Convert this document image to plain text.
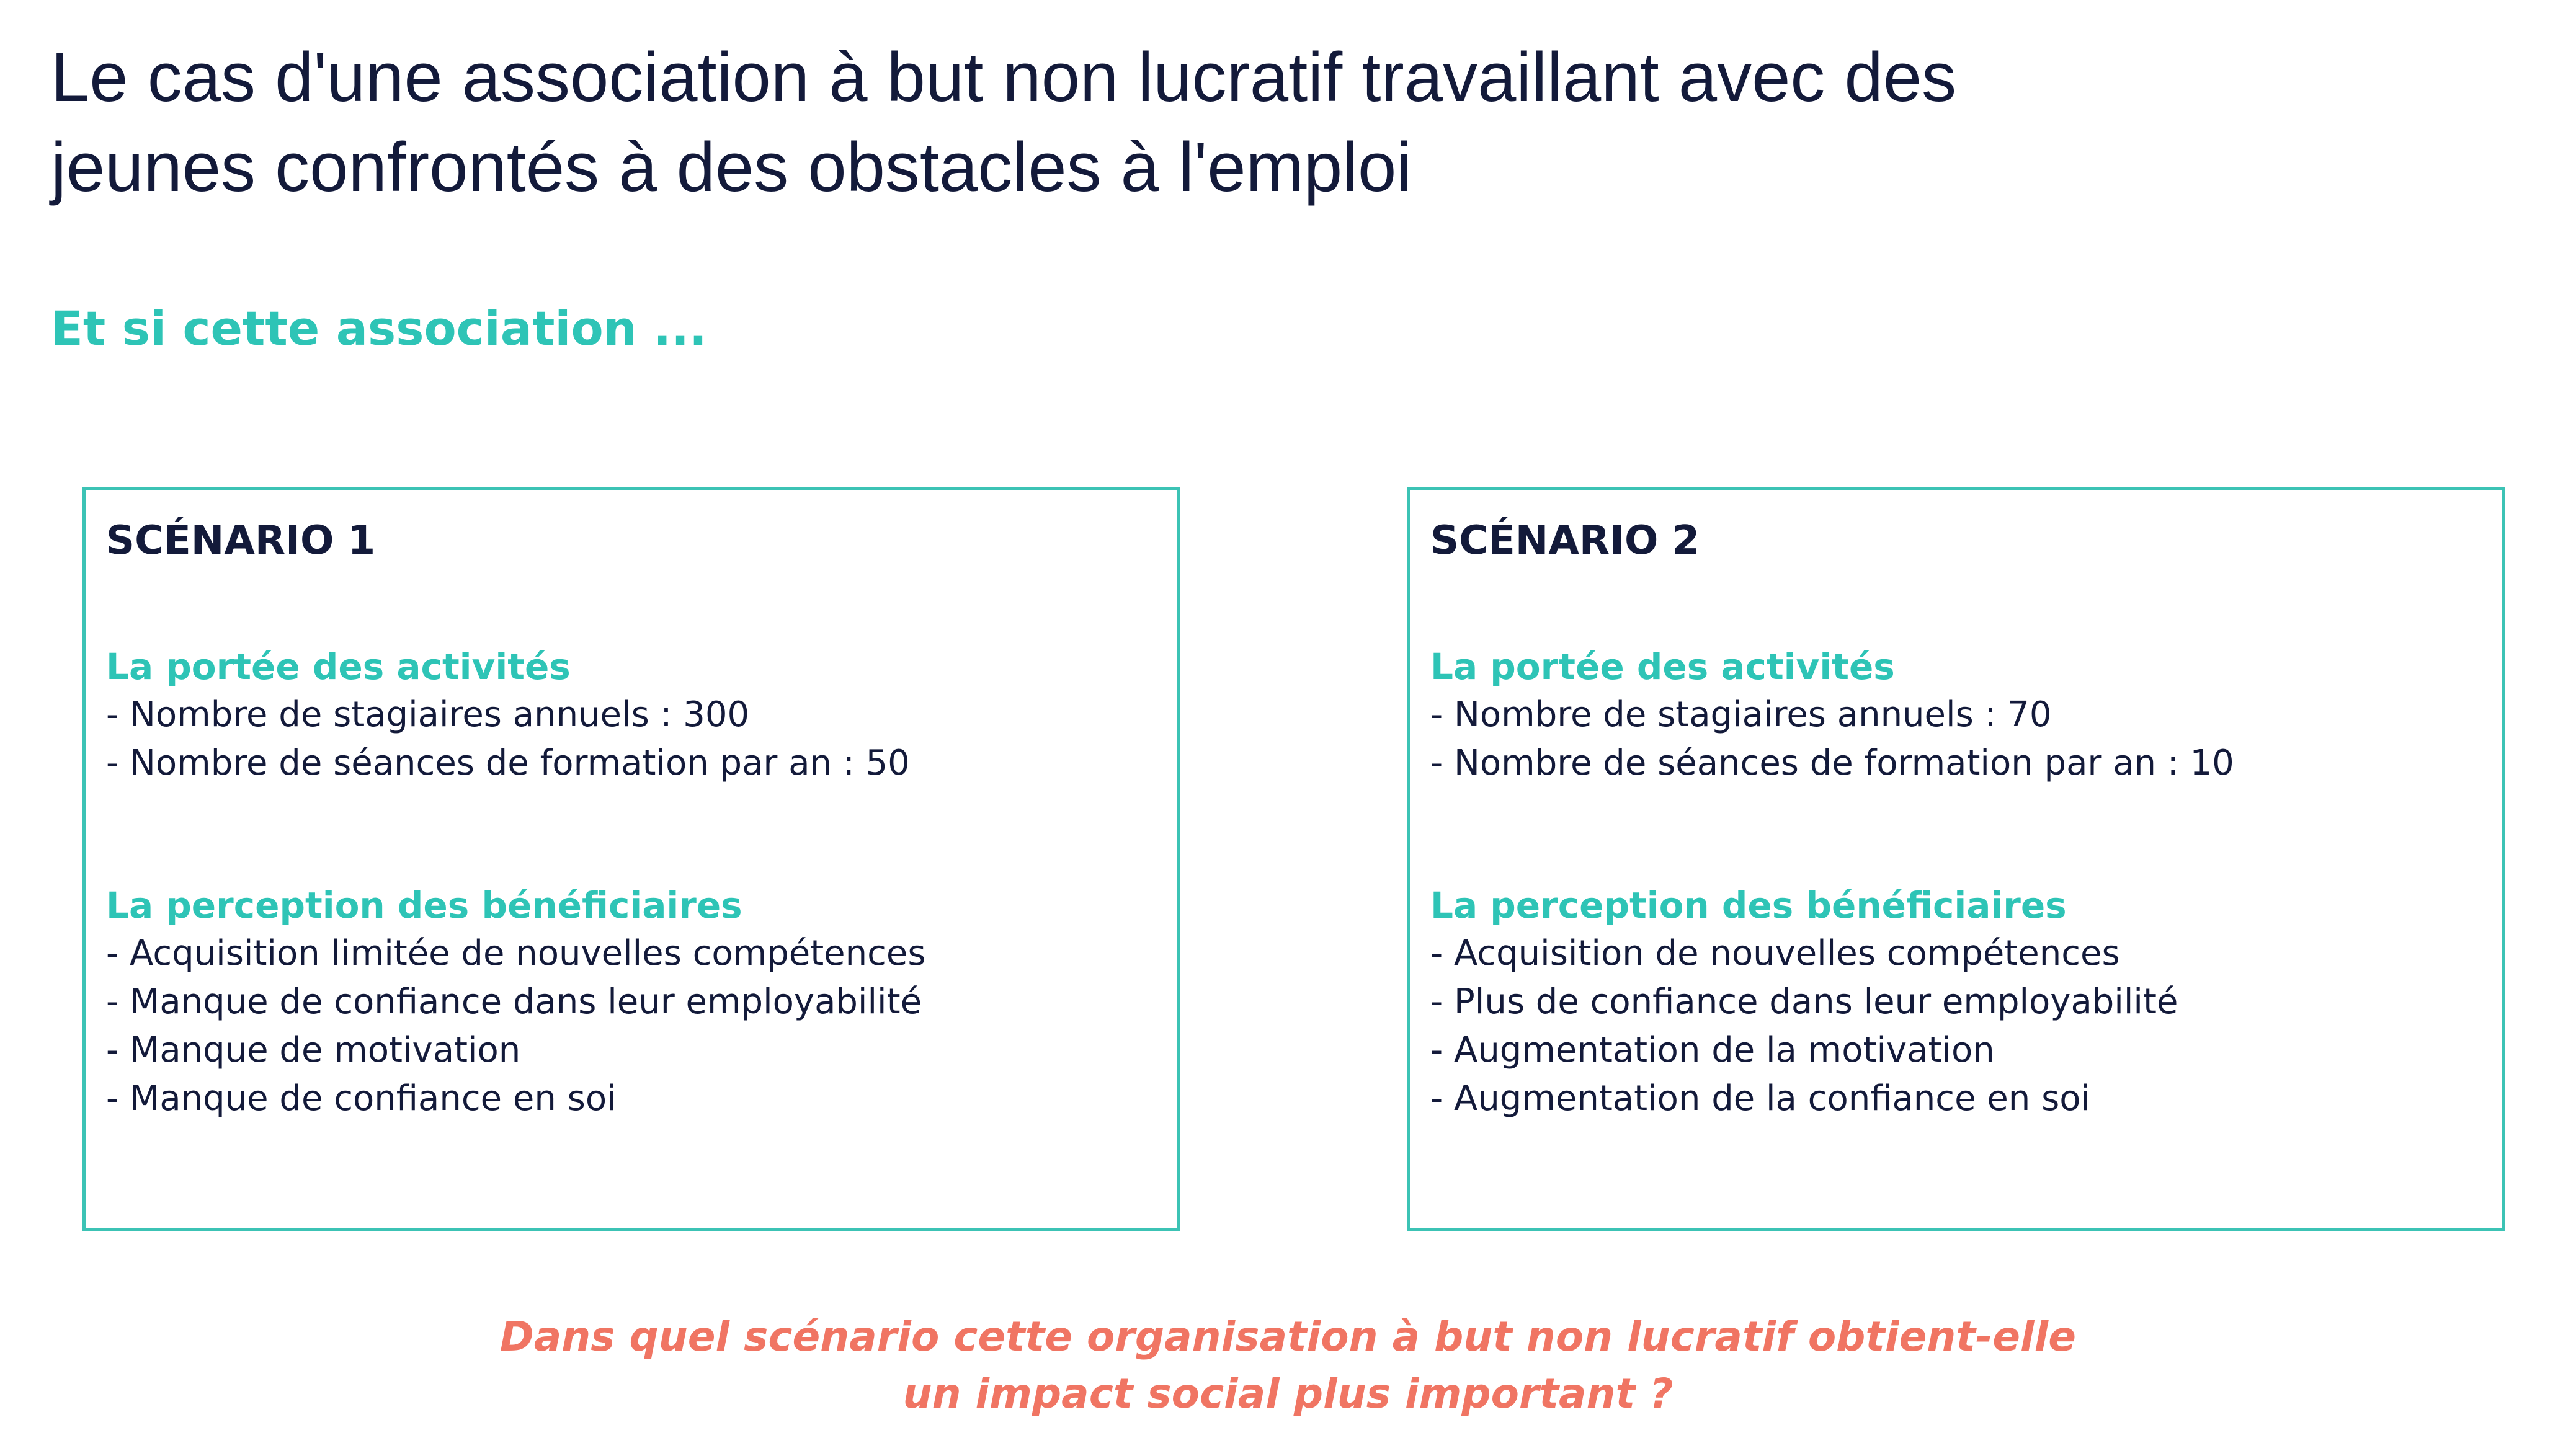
Le cas d'une association à but non lucratif travaillant avec des
jeunes confrontés à des obstacles à l'emploi

Et si cette association ...

SCÉNARIO 1
La portée des activités
- Nombre de stagiaires annuels : 300
- Nombre de séances de formation par an : 50
La perception des bénéficiaires
- Acquisition limitée de nouvelles compétences
- Manque de confiance dans leur employabilité
- Manque de motivation
- Manque de confiance en soi
SCÉNARIO 2
La portée des activités
- Nombre de stagiaires annuels : 70
- Nombre de séances de formation par an : 10
La perception des bénéficiaires
- Acquisition de nouvelles compétences
- Plus de confiance dans leur employabilité
- Augmentation de la motivation
- Augmentation de la confiance en soi

Dans quel scénario cette organisation à but non lucratif obtient-elle
un impact social plus important ?
